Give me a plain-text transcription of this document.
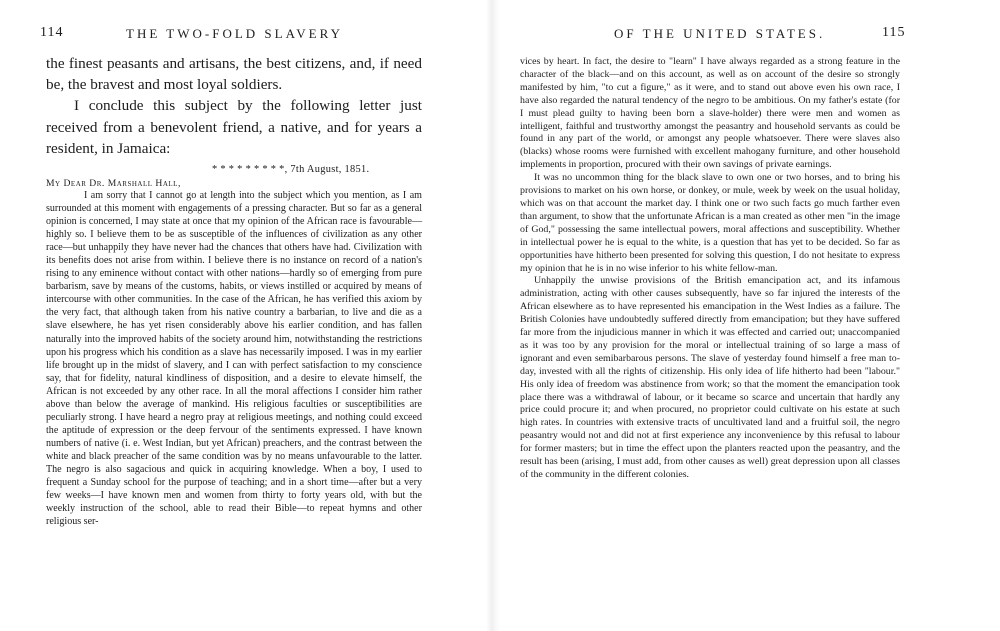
114	THE TWO-FOLD SLAVERY

the finest peasants and artisans, the best citizens, and, if need be, the bravest and most loyal soldiers.

I conclude this subject by the following letter just received from a benevolent friend, a native, and for years a resident, in Jamaica:

* * * * * * * * *, 7th August, 1851.

My Dear Dr. Marshall Hall,

I am sorry that I cannot go at length into the subject which you mention, as I am surrounded at this moment with engagements of a pressing character. But so far as a general opinion is concerned, I may state at once that my opinion of the African race is favourable—highly so. I believe them to be as susceptible of the influences of civilization as any other race—but unhappily they have never had the chances that others have had. Civilization with its benefits does not arise from within. I believe there is no instance on record of a nation's rising to any eminence without contact with other nations—hardly so of emerging from pure barbarism, save by means of the customs, habits, or views instilled or acquired by means of intercourse with other communities. In the case of the African, he has verified this axiom by the very fact, that although taken from his native country a barbarian, to live and die as a slave elsewhere, he has yet risen considerably above his earlier condition, and has fallen naturally into the improved habits of the society around him, notwithstanding the restrictions upon his progress which his condition as a slave has necessarily imposed. I was in my earlier life brought up in the midst of slavery, and I can with perfect satisfaction to my conscience say, that for fidelity, natural kindliness of disposition, and a desire to elevate himself, the African is not exceeded by any other race. In all the moral affections I consider him rather above than below the average of mankind. His religious faculties or susceptibilities are peculiarly strong. I have heard a negro pray at religious meetings, and nothing could exceed the aptitude of expression or the deep fervour of the sentiments expressed. I have known numbers of native (i. e. West Indian, but yet African) preachers, and the contrast between the white and black preacher of the same condition was by no means unfavourable to the latter. The negro is also sagacious and quick in acquiring knowledge. When a boy, I used to frequent a Sunday school for the purpose of teaching; and in a short time—after but a very few weeks—I have known men and women from thirty to forty years old, with but the weekly instruction of the school, able to read their Bible—to repeat hymns and other religious ser-

OF THE UNITED STATES.	115

vices by heart. In fact, the desire to "learn" I have always regarded as a strong feature in the character of the black—and on this account, as well as on account of the desire so strongly manifested by him, "to cut a figure," as it were, and to stand out above even his own race, I have also regarded the natural tendency of the negro to be ambitious. On my father's estate (for I must plead guilty to having been born a slave-holder) there were men and women as intelligent, faithful and trustworthy amongst the peasantry and household servants as could be found in any part of the world, or amongst any people whatsoever. There were slaves also (blacks) whose rooms were furnished with excellent mahogany furniture, and other household implements in proportion, procured with their own savings of private earnings.

It was no uncommon thing for the black slave to own one or two horses, and to bring his provisions to market on his own horse, or donkey, or mule, week by week on the usual holiday, which was on that account the market day. I think one or two such facts go much farther even than argument, to show that the unfortunate African is a man created as other men "in the image of God," possessing the same intellectual powers, moral affections and susceptibility. Whether in intellectual power he is equal to the white, is a question that has yet to be decided. So far as opportunities have hitherto been presented for solving this question, I do not hesitate to express my opinion that he is in no wise inferior to his white fellow-man.

Unhappily the unwise provisions of the British emancipation act, and its infamous administration, acting with other causes subsequently, have so far injured the interests of the African elsewhere as to have represented his emancipation in the West Indies as a failure. The British Colonies have undoubtedly suffered directly from emancipation; but they have suffered far more from the injudicious manner in which it was effected and carried out; unaccompanied as it was too by any provision for the moral or intellectual training of so large a mass of ignorant and even semibarbarous persons. The slave of yesterday found himself a free man to-day, invested with all the rights of citizenship. His only idea of life hitherto had been "labour." His only idea of freedom was abstinence from work; so that the moment the emancipation took place there was a withdrawal of labour, or it became so scarce and uncertain that hardly any price could procure it; and when procured, no proprietor could cultivate on his estate at such high rates. In countries with extensive tracts of uncultivated land and a fruitful soil, the negro peasantry would not and did not at first experience any inconvenience by this refusal to labour for former masters; but in time the effect upon the planters reacted upon the peasantry, and the result has been (arising, I must add, from other causes as well) great depression upon all classes of the community in the different colonies.
